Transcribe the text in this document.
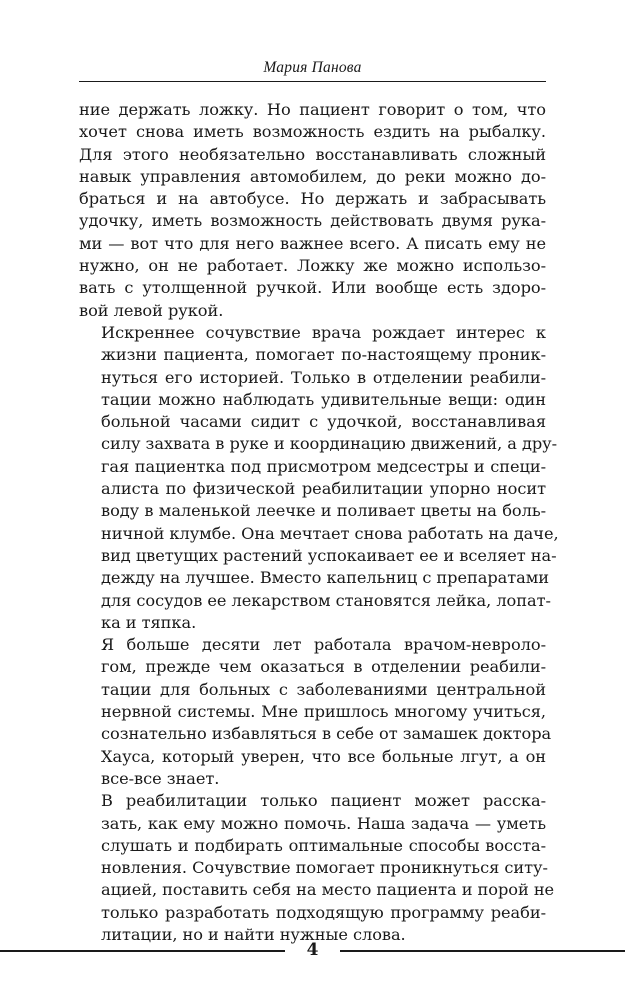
Мария Панова
ние держать ложку. Но пациент говорит о том, что
хочет снова иметь возможность ездить на рыбалку.
Для этого необязательно восстанавливать сложный
навык управления автомобилем, до реки можно до-
браться и на автобусе. Но держать и забрасывать
удочку, иметь возможность действовать двумя рука-
ми — вот что для него важнее всего. А писать ему не
нужно, он не работает. Ложку же можно использо-
вать с утолщенной ручкой. Или вообще есть здоро-
вой левой рукой.
Искреннее сочувствие врача рождает интерес к
жизни пациента, помогает по-настоящему проник-
нуться его историей. Только в отделении реабили-
тации можно наблюдать удивительные вещи: один
больной часами сидит с удочкой, восстанавливая
силу захвата в руке и координацию движений, а дру-
гая пациентка под присмотром медсестры и специ-
алиста по физической реабилитации упорно носит
воду в маленькой леечке и поливает цветы на боль-
ничной клумбе. Она мечтает снова работать на даче,
вид цветущих растений успокаивает ее и вселяет на-
дежду на лучшее. Вместо капельниц с препаратами
для сосудов ее лекарством становятся лейка, лопат-
ка и тяпка.
Я больше десяти лет работала врачом-невроло-
гом, прежде чем оказаться в отделении реабили-
тации для больных с заболеваниями центральной
нервной системы. Мне пришлось многому учиться,
сознательно избавляться в себе от замашек доктора
Хауса, который уверен, что все больные лгут, а он
все-все знает.
В реабилитации только пациент может расска-
зать, как ему можно помочь. Наша задача — уметь
слушать и подбирать оптимальные способы восста-
новления. Сочувствие помогает проникнуться ситу-
ацией, поставить себя на место пациента и порой не
только разработать подходящую программу реаби-
литации, но и найти нужные слова.
4
